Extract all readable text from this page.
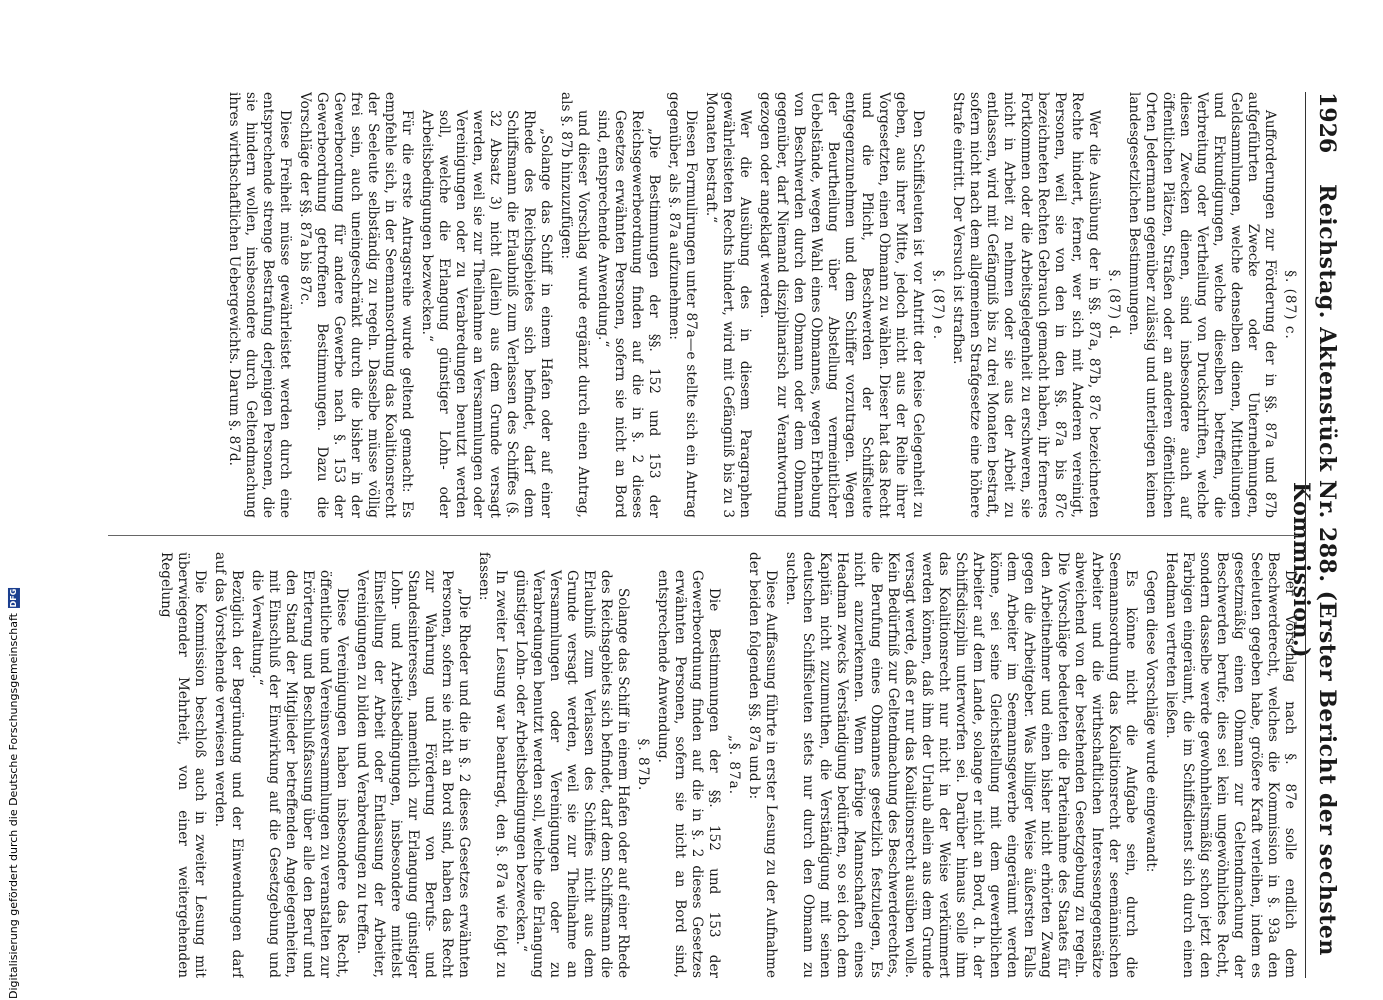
1926
Reichstag. Aktenstück Nr. 288. (Erster Bericht der sechsten Kommission.)

§. (87) c.

Aufforderungen zur Förderung der in §§. 87a und 87b aufgeführten Zwecke oder Unternehmungen, Geldsammlungen, welche denselben dienen, Mittheilungen und Erkundigungen, welche dieselben betreffen, die Verbreitung oder Vertheilung von Druckschriften, welche diesen Zwecken dienen, sind insbesondere auch auf öffentlichen Plätzen, Straßen oder an anderen öffentlichen Orten Jedermann gegenüber zulässig und unterliegen keinen landesgesetzlichen Bestimmungen.

§. (87) d.

Wer die Ausübung der in §§. 87a, 87b, 87c bezeichneten Rechte hindert, ferner, wer sich mit Anderen vereinigt, Personen, weil sie von den in den §§. 87a bis 87c bezeichneten Rechten Gebrauch gemacht haben, ihr ferneres Fortkommen oder die Arbeitsgelegenheit zu erschweren, sie nicht in Arbeit zu nehmen oder sie aus der Arbeit zu entlassen, wird mit Gefängniß bis zu drei Monaten bestraft, sofern nicht nach dem allgemeinen Strafgesetze eine höhere Strafe eintritt. Der Versuch ist strafbar.

§. (87) e.

Den Schiffsleuten ist vor Antritt der Reise Gelegenheit zu geben, aus ihrer Mitte, jedoch nicht aus der Reihe ihrer Vorgesetzten, einen Obmann zu wählen. Dieser hat das Recht und die Pflicht, Beschwerden der Schiffsleute entgegenzunehmen und dem Schiffer vorzutragen. Wegen der Beurtheilung über Abstellung vermeintlicher Uebelstände, wegen Wahl eines Obmannes, wegen Erhebung von Beschwerden durch den Obmann oder dem Obmann gegenüber, darf Niemand disziplinarisch zur Verantwortung gezogen oder angeklagt werden.

Wer die Ausübung des in diesem Paragraphen gewährleisteten Rechts hindert, wird mit Gefängniß bis zu 3 Monaten bestraft.“

Diesen Formulirungen unter 87a—e stellte sich ein Antrag gegenüber, als §. 87a aufzunehmen:

„Die Bestimmungen der §§. 152 und 153 der Reichsgewerbeordnung finden auf die in §. 2 dieses Gesetzes erwähnten Personen, sofern sie nicht an Bord sind, entsprechende Anwendung.“

und dieser Vorschlag wurde ergänzt durch einen Antrag, als §. 87b hinzuzufügen:

„Solange das Schiff in einem Hafen oder auf einer Rhede des Reichsgebietes sich befindet, darf dem Schiffsmann die Erlaubniß zum Verlassen des Schiffes (§. 32 Absatz 3) nicht (allein) aus dem Grunde versagt werden, weil sie zur Theilnahme an Versammlungen oder Vereinigungen oder zu Verabredungen benutzt werden soll, welche die Erlangung günstiger Lohn- oder Arbeitsbedingungen bezwecken.“

Für die erste Antragsreihe wurde geltend gemacht: Es empfehle sich, in der Seemannsordnung das Koalitionsrecht der Seeleute selbständig zu regeln. Dasselbe müsse völlig frei sein, auch uneingeschränkt durch die bisher in der Gewerbeordnung für andere Gewerbe nach §. 153 der Gewerbeordnung getroffenen Bestimmungen. Dazu die Vorschläge der §§. 87a bis 87c.

Diese Freiheit müsse gewährleistet werden durch eine entsprechende strenge Bestrafung derjenigen Personen, die sie hindern wollen, insbesondere durch Geltendmachung ihres wirthschaftlichen Uebergewichts. Darum §. 87d.

Der Vorschlag nach §. 87e solle endlich dem Beschwerderecht, welches die Kommission in §. 93a den Seeleuten gegeben habe, größere Kraft verleihen, indem es gesetzmäßig einen Obmann zur Geltendmachung der Beschwerden berufe; dies sei kein ungewöhnliches Recht, sondern dasselbe werde gewohnheitsmäßig schon jetzt den Farbigen eingeräumt, die im Schiffsdienst sich durch einen Headman vertreten ließen.

Gegen diese Vorschläge wurde eingewandt:

Es könne nicht die Aufgabe sein, durch die Seemannsordnung das Koalitionsrecht der seemännischen Arbeiter und die wirthschaftlichen Interessengegensätze abweichend von der bestehenden Gesetzgebung zu regeln. Die Vorschläge bedeuteten die Parteinahme des Staates für den Arbeitnehmer und einen bisher nicht erhörten Zwang gegen die Arbeitgeber. Was billiger Weise äußersten Falls dem Arbeiter im Seemannsgewerbe eingeräumt werden könne, sei seine Gleichstellung mit dem gewerblichen Arbeiter auf dem Lande, solange er nicht an Bord, d. h. der Schiffsdisziplin unterworfen sei. Darüber hinaus solle ihm das Koalitionsrecht nur nicht in der Weise verkümmert werden können, daß ihm der Urlaub allein aus dem Grunde versagt werde, daß er nur das Koalitionsrecht ausüben wolle. Kein Bedürfniß zur Geltendmachung des Beschwerderechtes, die Berufung eines Obmannes gesetzlich festzulegen, Es nicht anzuerkennen. Wenn farbige Mannschaften eines Headman zwecks Verständigung bedürften, so sei doch dem Kapitän nicht zuzumuthen, die Verständigung mit seinen deutschen Schiffsleuten stets nur durch den Obmann zu suchen.

Diese Auffassung führte in erster Lesung zu der Aufnahme der beiden folgenden §§. 87a und b:

„§. 87a.

Die Bestimmungen der §§. 152 und 153 der Gewerbeordnung finden auf die in §. 2 dieses Gesetzes erwähnten Personen, sofern sie nicht an Bord sind, entsprechende Anwendung.

§. 87b.

Solange das Schiff in einem Hafen oder auf einer Rhede des Reichsgebiets sich befindet, darf dem Schiffsmann die Erlaubniß zum Verlassen des Schiffes nicht aus dem Grunde versagt werden, weil sie zur Theilnahme an Versammlungen oder Vereinigungen oder zu Verabredungen benutzt werden soll, welche die Erlangung günstiger Lohn- oder Arbeitsbedingungen bezwecken.“

In zweiter Lesung war beantragt, den §. 87a wie folgt zu fassen:

„Die Rheder und die in §. 2 dieses Gesetzes erwähnten Personen, sofern sie nicht an Bord sind, haben das Recht zur Wahrung und Förderung von Berufs- und Standesinteressen, namentlich zur Erlangung günstiger Lohn- und Arbeitsbedingungen, insbesondere mittelst Einstellung der Arbeit oder Entlassung der Arbeiter, Vereinigungen zu bilden und Verabredungen zu treffen.

Diese Vereinigungen haben insbesondere das Recht, öffentliche und Vereinsversammlungen zu veranstalten zur Erörterung und Beschlußfassung über alle den Beruf und den Stand der Mitglieder betreffenden Angelegenheiten, mit Einschluß der Einwirkung auf die Gesetzgebung und die Verwaltung.“

Bezüglich der Begründung und der Einwendungen darf auf das Vorstehende verwiesen werden.

Die Kommission beschloß auch in zweiter Lesung mit überwiegender Mehrheit, von einer weitergehenden Regelung

Digitalisierung gefördert durch die Deutsche Forschungsgemeinschaft
DFG
